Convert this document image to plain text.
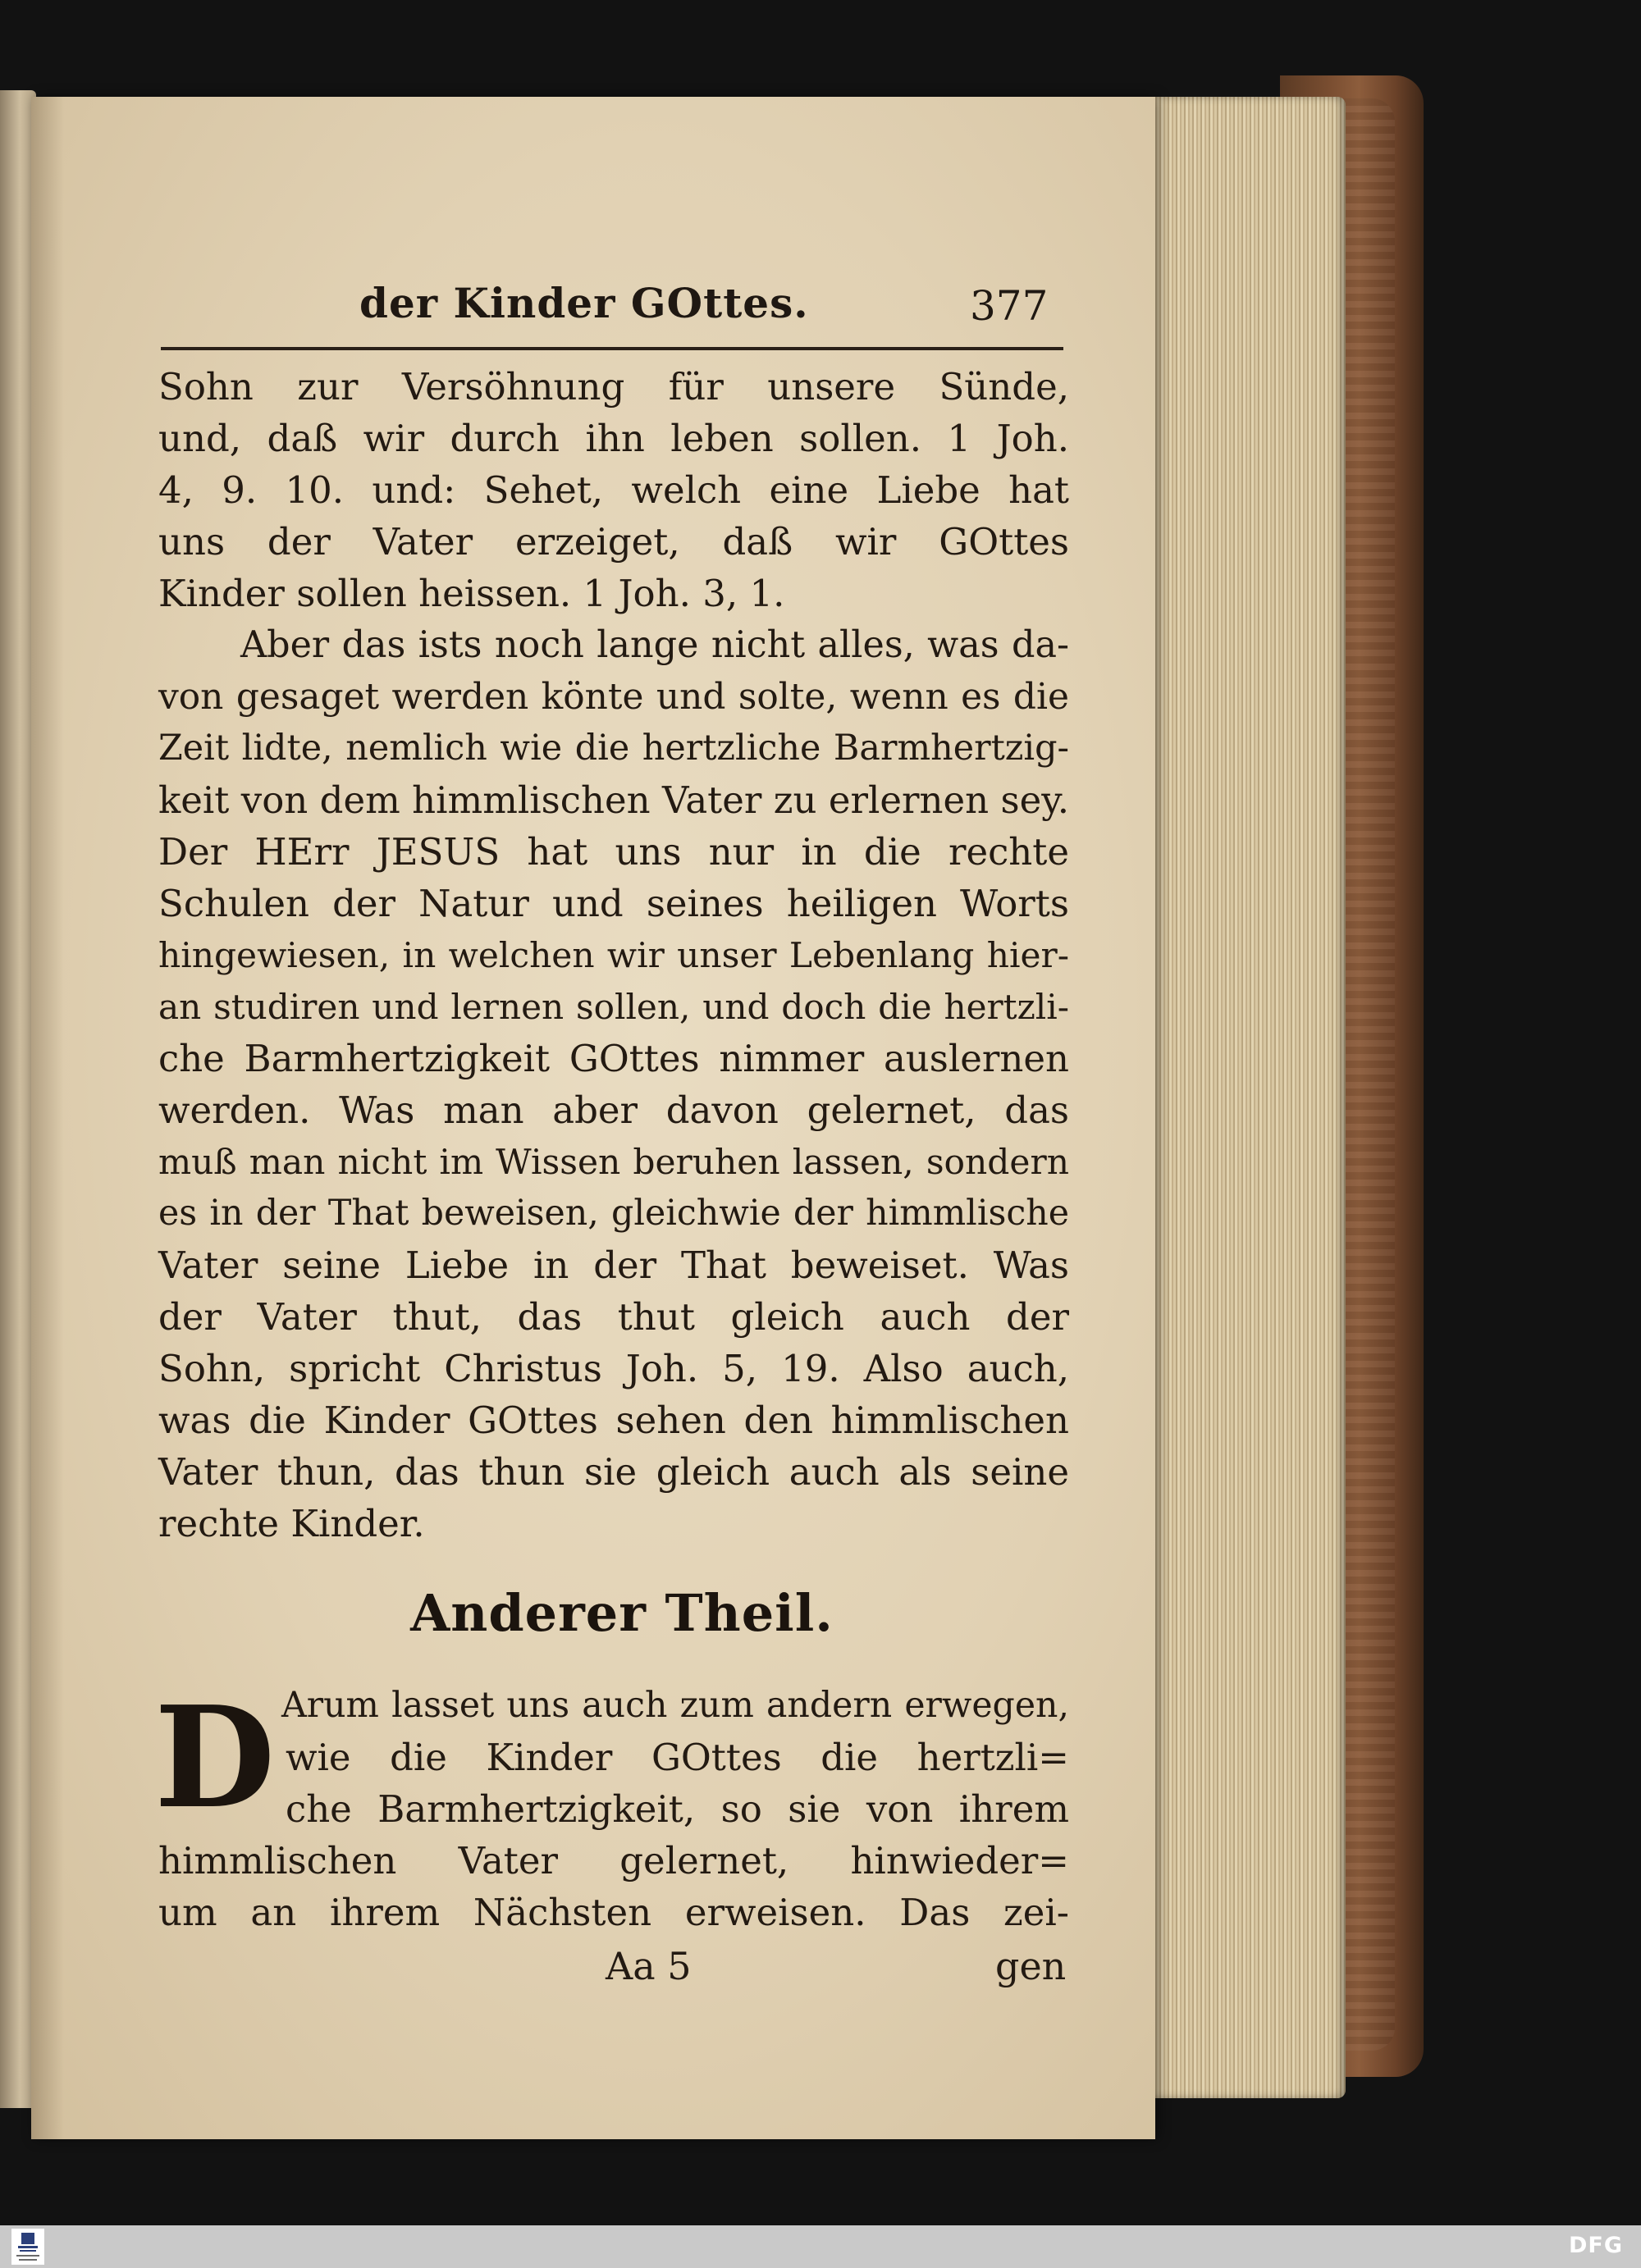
der Kinder GOttes.	377
Sohn zur Versöhnung für unsere Sünde,
und, daß wir durch ihn leben sollen. 1 Joh.
4, 9. 10. und: Sehet, welch eine Liebe hat
uns der Vater erzeiget, daß wir GOttes
Kinder sollen heissen. 1 Joh. 3, 1.
Aber das ists noch lange nicht alles, was da-
von gesaget werden könte und solte, wenn es die
Zeit lidte, nemlich wie die hertzliche Barmhertzig-
keit von dem himmlischen Vater zu erlernen sey.
Der HErr JESUS hat uns nur in die rechte
Schulen der Natur und seines heiligen Worts
hingewiesen, in welchen wir unser Lebenlang hier-
an studiren und lernen sollen, und doch die hertzli-
che Barmhertzigkeit GOttes nimmer auslernen
werden. Was man aber davon gelernet, das
muß man nicht im Wissen beruhen lassen, sondern
es in der That beweisen, gleichwie der himmlische
Vater seine Liebe in der That beweiset. Was
der Vater thut, das thut gleich auch der
Sohn, spricht Christus Joh. 5, 19. Also auch,
was die Kinder GOttes sehen den himmlischen
Vater thun, das thun sie gleich auch als seine
rechte Kinder.
Anderer Theil.
D Arum lasset uns auch zum andern erwegen,
wie die Kinder GOttes die hertzli=
che Barmhertzigkeit, so sie von ihrem
himmlischen Vater gelernet, hinwieder=
um an ihrem Nächsten erweisen. Das zei-
Aa 5	gen
DFG
